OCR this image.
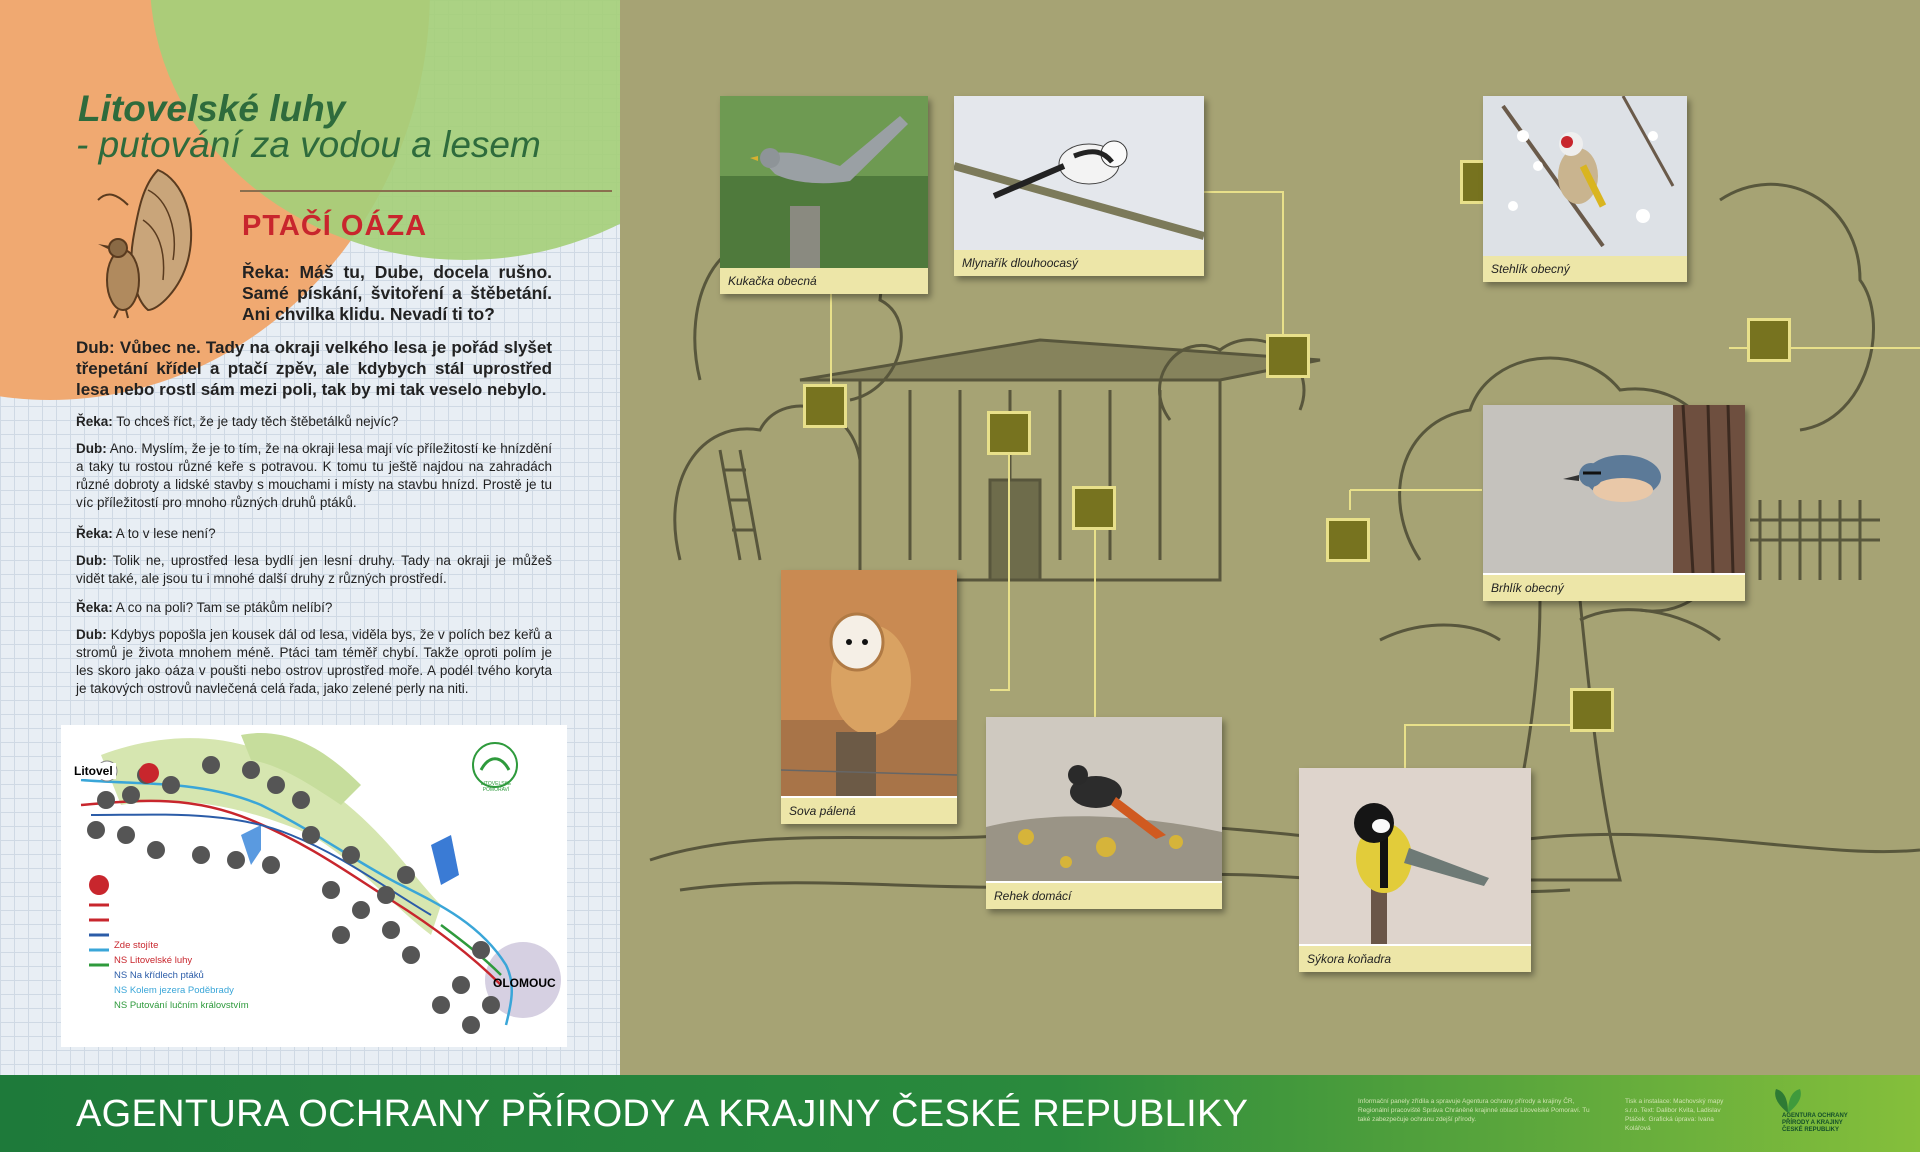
Litovelské luhy
- putování za vodou a lesem
PTAČÍ OÁZA
Řeka: Máš tu, Dube, docela rušno. Samé pískání, švitoření a štěbetání. Ani chvilka klidu. Nevadí ti to?
Dub: Vůbec ne. Tady na okraji velkého lesa je pořád slyšet třepetání křídel a ptačí zpěv, ale kdybych stál uprostřed lesa nebo rostl sám mezi poli, tak by mi tak veselo nebylo.
Řeka: To chceš říct, že je tady těch štěbetálků nejvíc?
Dub: Ano. Myslím, že je to tím, že na okraji lesa mají víc příležitostí ke hnízdění a taky tu rostou různé keře s potravou. K tomu tu ještě najdou na zahradách různé dobroty a lidské stavby s mouchami i místy na stavbu hnízd. Prostě je tu víc příležitostí pro mnoho různých druhů ptáků.
Řeka: A to v lese není?
Dub: Tolik ne, uprostřed lesa bydlí jen lesní druhy. Tady na okraji je můžeš vidět také, ale jsou tu i mnohé další druhy z různých prostředí.
Řeka: A co na poli? Tam se ptákům nelíbí?
Dub: Kdybys popošla jen kousek dál od lesa, viděla bys, že v polích bez keřů a stromů je života mnohem méně. Ptáci tam téměř chybí. Takže oproti polím je les skoro jako oáza v poušti nebo ostrov uprostřed moře. A podél tvého koryta je takových ostrovů navlečená celá řada, jako zelené perly na niti.
Litovel
OLOMOUC
LITOVELSKÉ POMORAVÍ
Zde stojíte
NS Litovelské luhy
NS Na křídlech ptáků
NS Kolem jezera Poděbrady
NS Putování lučním královstvím
Kukačka obecná
Mlynařík dlouhoocasý	Stehlík obecný
Brhlík obecný
Sova pálená
Rehek domácí
Sýkora koňadra
AGENTURA OCHRANY PŘÍRODY A KRAJINY ČESKÉ REPUBLIKY	Informační panely zřídila a spravuje Agentura ochrany přírody a krajiny ČR, Regionální pracoviště Správa Chráněné krajinné oblasti Litovelské Pomoraví. Tu také zabezpečuje ochranu zdejší přírody.
Tisk a instalace: Machovský mapy s.r.o. Text: Dalibor Kvita, Ladislav Ptáček. Grafická úprava: Ivana Kolářová
AGENTURA OCHRANY PŘÍRODY A KRAJINY ČESKÉ REPUBLIKY
